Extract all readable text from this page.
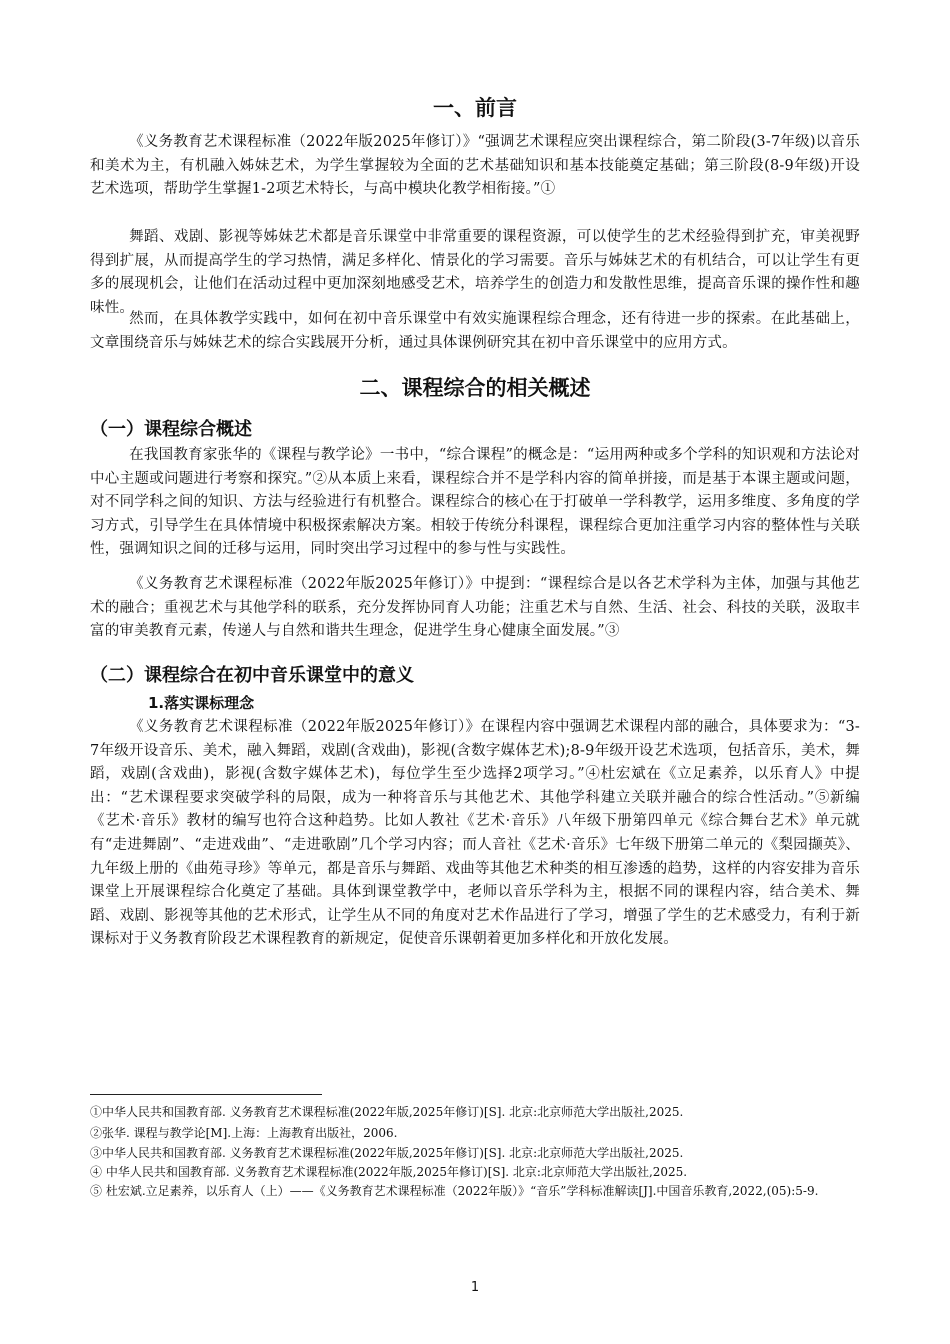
一、前言

《义务教育艺术课程标准（2022年版2025年修订）》“强调艺术课程应突出课程综合，第二阶段(3-7年级)以音乐和美术为主，有机融入姊妹艺术，为学生掌握较为全面的艺术基础知识和基本技能奠定基础；第三阶段(8-9年级)开设艺术选项，帮助学生掌握1-2项艺术特长，与高中模块化教学相衔接。”①

舞蹈、戏剧、影视等姊妹艺术都是音乐课堂中非常重要的课程资源，可以使学生的艺术经验得到扩充，审美视野得到扩展，从而提高学生的学习热情，满足多样化、情景化的学习需要。音乐与姊妹艺术的有机结合，可以让学生有更多的展现机会，让他们在活动过程中更加深刻地感受艺术，培养学生的创造力和发散性思维，提高音乐课的操作性和趣味性。

然而，在具体教学实践中，如何在初中音乐课堂中有效实施课程综合理念，还有待进一步的探索。在此基础上，文章围绕音乐与姊妹艺术的综合实践展开分析，通过具体课例研究其在初中音乐课堂中的应用方式。

二、课程综合的相关概述
（一）课程综合概述

在我国教育家张华的《课程与教学论》一书中，“综合课程”的概念是：“运用两种或多个学科的知识观和方法论对中心主题或问题进行考察和探究。”②从本质上来看，课程综合并不是学科内容的简单拼接，而是基于本课主题或问题，对不同学科之间的知识、方法与经验进行有机整合。课程综合的核心在于打破单一学科教学，运用多维度、多角度的学习方式，引导学生在具体情境中积极探索解决方案。相较于传统分科课程，课程综合更加注重学习内容的整体性与关联性，强调知识之间的迁移与运用，同时突出学习过程中的参与性与实践性。

《义务教育艺术课程标准（2022年版2025年修订）》中提到：“课程综合是以各艺术学科为主体，加强与其他艺术的融合；重视艺术与其他学科的联系，充分发挥协同育人功能；注重艺术与自然、生活、社会、科技的关联，汲取丰富的审美教育元素，传递人与自然和谐共生理念，促进学生身心健康全面发展。”③

（二）课程综合在初中音乐课堂中的意义
1.落实课标理念

《义务教育艺术课程标准（2022年版2025年修订）》在课程内容中强调艺术课程内部的融合，具体要求为：“3-7年级开设音乐、美术，融入舞蹈，戏剧(含戏曲)，影视(含数字媒体艺术);8-9年级开设艺术选项，包括音乐，美术，舞蹈，戏剧(含戏曲)，影视(含数字媒体艺术)，每位学生至少选择2项学习。”④杜宏斌在《立足素养，以乐育人》中提出：“艺术课程要求突破学科的局限，成为一种将音乐与其他艺术、其他学科建立关联并融合的综合性活动。”⑤新编《艺术·音乐》教材的编写也符合这种趋势。比如人教社《艺术·音乐》八年级下册第四单元《综合舞台艺术》单元就有“走进舞剧”、“走进戏曲”、“走进歌剧”几个学习内容；而人音社《艺术·音乐》七年级下册第二单元的《梨园撷英》、九年级上册的《曲苑寻珍》等单元，都是音乐与舞蹈、戏曲等其他艺术种类的相互渗透的趋势，这样的内容安排为音乐课堂上开展课程综合化奠定了基础。具体到课堂教学中，老师以音乐学科为主，根据不同的课程内容，结合美术、舞蹈、戏剧、影视等其他的艺术形式，让学生从不同的角度对艺术作品进行了学习，增强了学生的艺术感受力，有利于新课标对于义务教育阶段艺术课程教育的新规定，促使音乐课朝着更加多样化和开放化发展。

①中华人民共和国教育部. 义务教育艺术课程标准(2022年版,2025年修订)[S]. 北京:北京师范大学出版社,2025.

②张华. 课程与教学论[M].上海：上海教育出版社，2006.

③中华人民共和国教育部. 义务教育艺术课程标准(2022年版,2025年修订)[S]. 北京:北京师范大学出版社,2025.

④ 中华人民共和国教育部. 义务教育艺术课程标准(2022年版,2025年修订)[S]. 北京:北京师范大学出版社,2025.

⑤ 杜宏斌.立足素养，以乐育人（上）——《义务教育艺术课程标准（2022年版）》“音乐”学科标准解读[J].中国音乐教育,2022,(05):5-9.

1
